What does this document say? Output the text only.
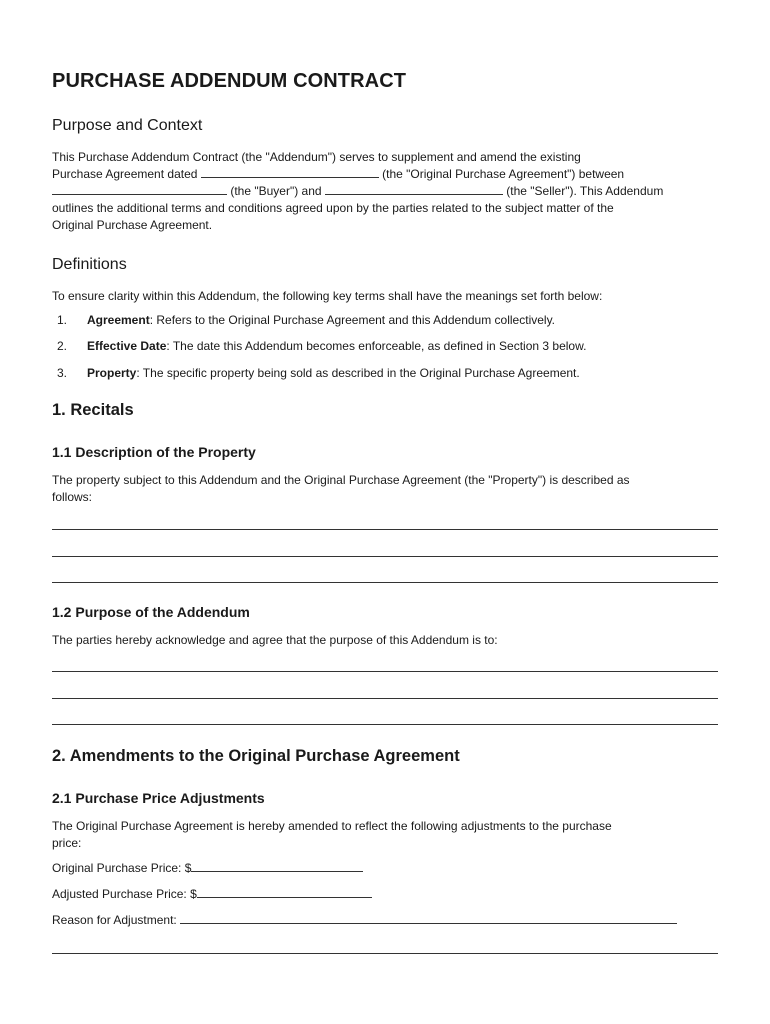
PURCHASE ADDENDUM CONTRACT
Purpose and Context

This Purchase Addendum Contract (the "Addendum") serves to supplement and amend the existing

Purchase Agreement dated	(the "Original Purchase Agreement") between

(the "Buyer") and	(the "Seller"). This Addendum

outlines the additional terms and conditions agreed upon by the parties related to the subject matter of the

Original Purchase Agreement.

Definitions

To ensure clarity within this Addendum, the following key terms shall have the meanings set forth below:

1. Agreement: Refers to the Original Purchase Agreement and this Addendum collectively.
2. Effective Date: The date this Addendum becomes enforceable, as defined in Section 3 below.
3. Property: The specific property being sold as described in the Original Purchase Agreement.
1. Recitals
1.1 Description of the Property

The property subject to this Addendum and the Original Purchase Agreement (the "Property") is described as

follows:

1.2 Purpose of the Addendum

The parties hereby acknowledge and agree that the purpose of this Addendum is to:

2. Amendments to the Original Purchase Agreement
2.1 Purchase Price Adjustments

The Original Purchase Agreement is hereby amended to reflect the following adjustments to the purchase

price:

Original Purchase Price: $

Adjusted Purchase Price: $

Reason for Adjustment:
